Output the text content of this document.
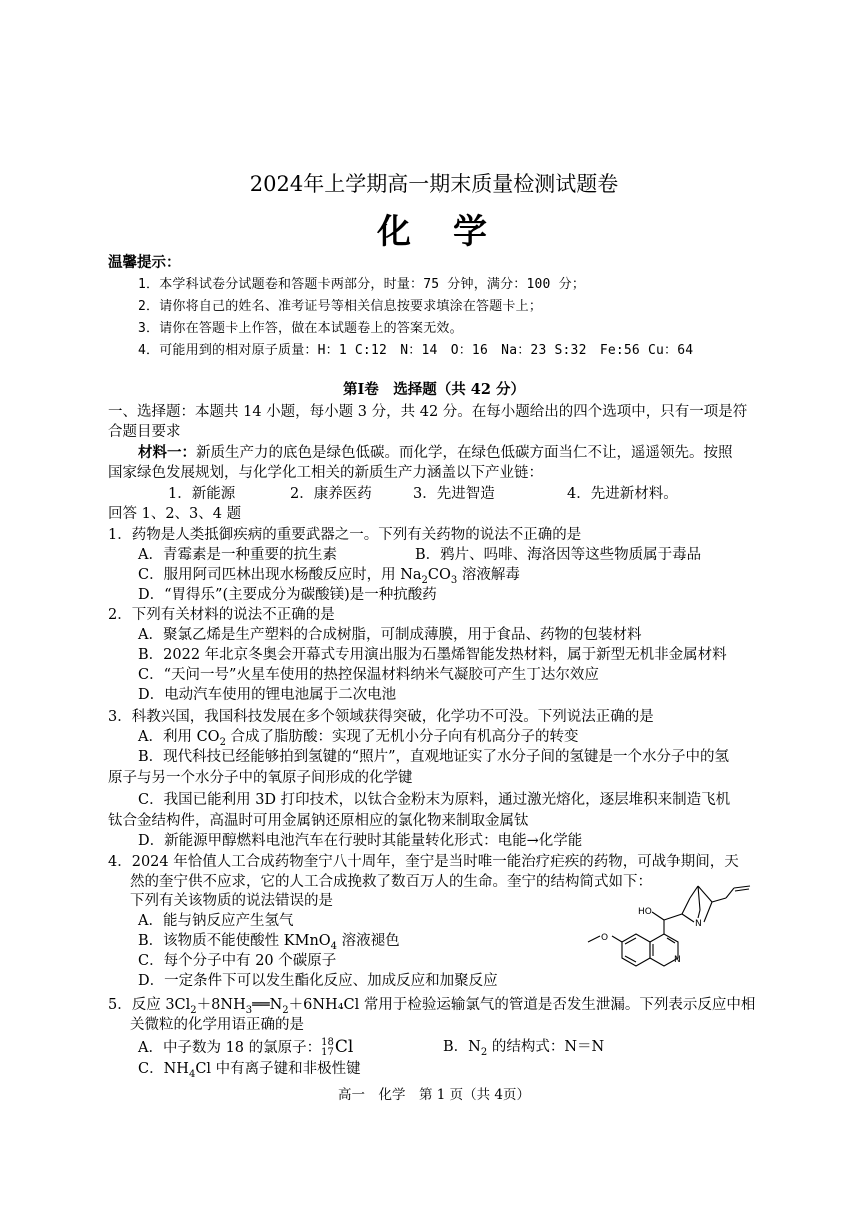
2024年上学期高一期末质量检测试题卷
化　学
温馨提示：
1．本学科试卷分试题卷和答题卡两部分，时量：75 分钟，满分：100 分；
2．请你将自己的姓名、准考证号等相关信息按要求填涂在答题卡上；
3．请你在答题卡上作答，做在本试题卷上的答案无效。
4．可能用到的相对原子质量：H：1 C:12　N：14　O：16　Na：23 S:32　Fe:56 Cu：64
第Ⅰ卷　选择题（共 42 分）
一、选择题：本题共 14 小题，每小题 3 分，共 42 分。在每小题给出的四个选项中，只有一项是符
合题目要求
材料一：新质生产力的底色是绿色低碳。而化学，在绿色低碳方面当仁不让，遥遥领先。按照
国家绿色发展规划，与化学化工相关的新质生产力涵盖以下产业链：
1．新能源	2．康养医药	3．先进智造	4．先进新材料。
回答 1、2、3、4 题
1．药物是人类抵御疾病的重要武器之一。下列有关药物的说法不正确的是
A．青霉素是一种重要的抗生素	B．鸦片、吗啡、海洛因等这些物质属于毒品
C．服用阿司匹林出现水杨酸反应时，用 $Na_2CO_3$ 溶液解毒
D．“胃得乐”(主要成分为碳酸镁)是一种抗酸药
2．下列有关材料的说法不正确的是
A．聚氯乙烯是生产塑料的合成树脂，可制成薄膜，用于食品、药物的包装材料
B．2022 年北京冬奥会开幕式专用演出服为石墨烯智能发热材料，属于新型无机非金属材料
C．“天问一号”火星车使用的热控保温材料纳米气凝胶可产生丁达尔效应
D．电动汽车使用的锂电池属于二次电池
3．科教兴国，我国科技发展在多个领域获得突破，化学功不可没。下列说法正确的是
A．利用 $CO_2$ 合成了脂肪酸：实现了无机小分子向有机高分子的转变
B．现代科技已经能够拍到氢键的“照片”，直观地证实了水分子间的氢键是一个水分子中的氢
原子与另一个水分子中的氧原子间形成的化学键
C．我国已能利用 3D 打印技术，以钛合金粉末为原料，通过激光熔化，逐层堆积来制造飞机
钛合金结构件，高温时可用金属钠还原相应的氯化物来制取金属钛
D．新能源甲醇燃料电池汽车在行驶时其能量转化形式：电能→化学能
4．2024 年恰值人工合成药物奎宁八十周年，奎宁是当时唯一能治疗疟疾的药物，可战争期间，天
然的奎宁供不应求，它的人工合成挽救了数百万人的生命。奎宁的结构简式如下：
下列有关该物质的说法错误的是
A．能与钠反应产生氢气
B．该物质不能使酸性 KMnO$_4$ 溶液褪色
C．每个分子中有 20 个碳原子
D．一定条件下可以发生酯化反应、加成反应和加聚反应
HO
N
N
O
5．反应 $3Cl_2+8NH_3══N_2+6NH_4Cl$ 常用于检验运输氯气的管道是否发生泄漏。下列表示反应中相
关微粒的化学用语正确的是
A．中子数为 18 的氯原子： 18
17 Cl	B．$N_2$ 的结构式：N＝N
C．$NH_4Cl$ 中有离子键和非极性键
高一　化学　第 1 页（共 4页）
